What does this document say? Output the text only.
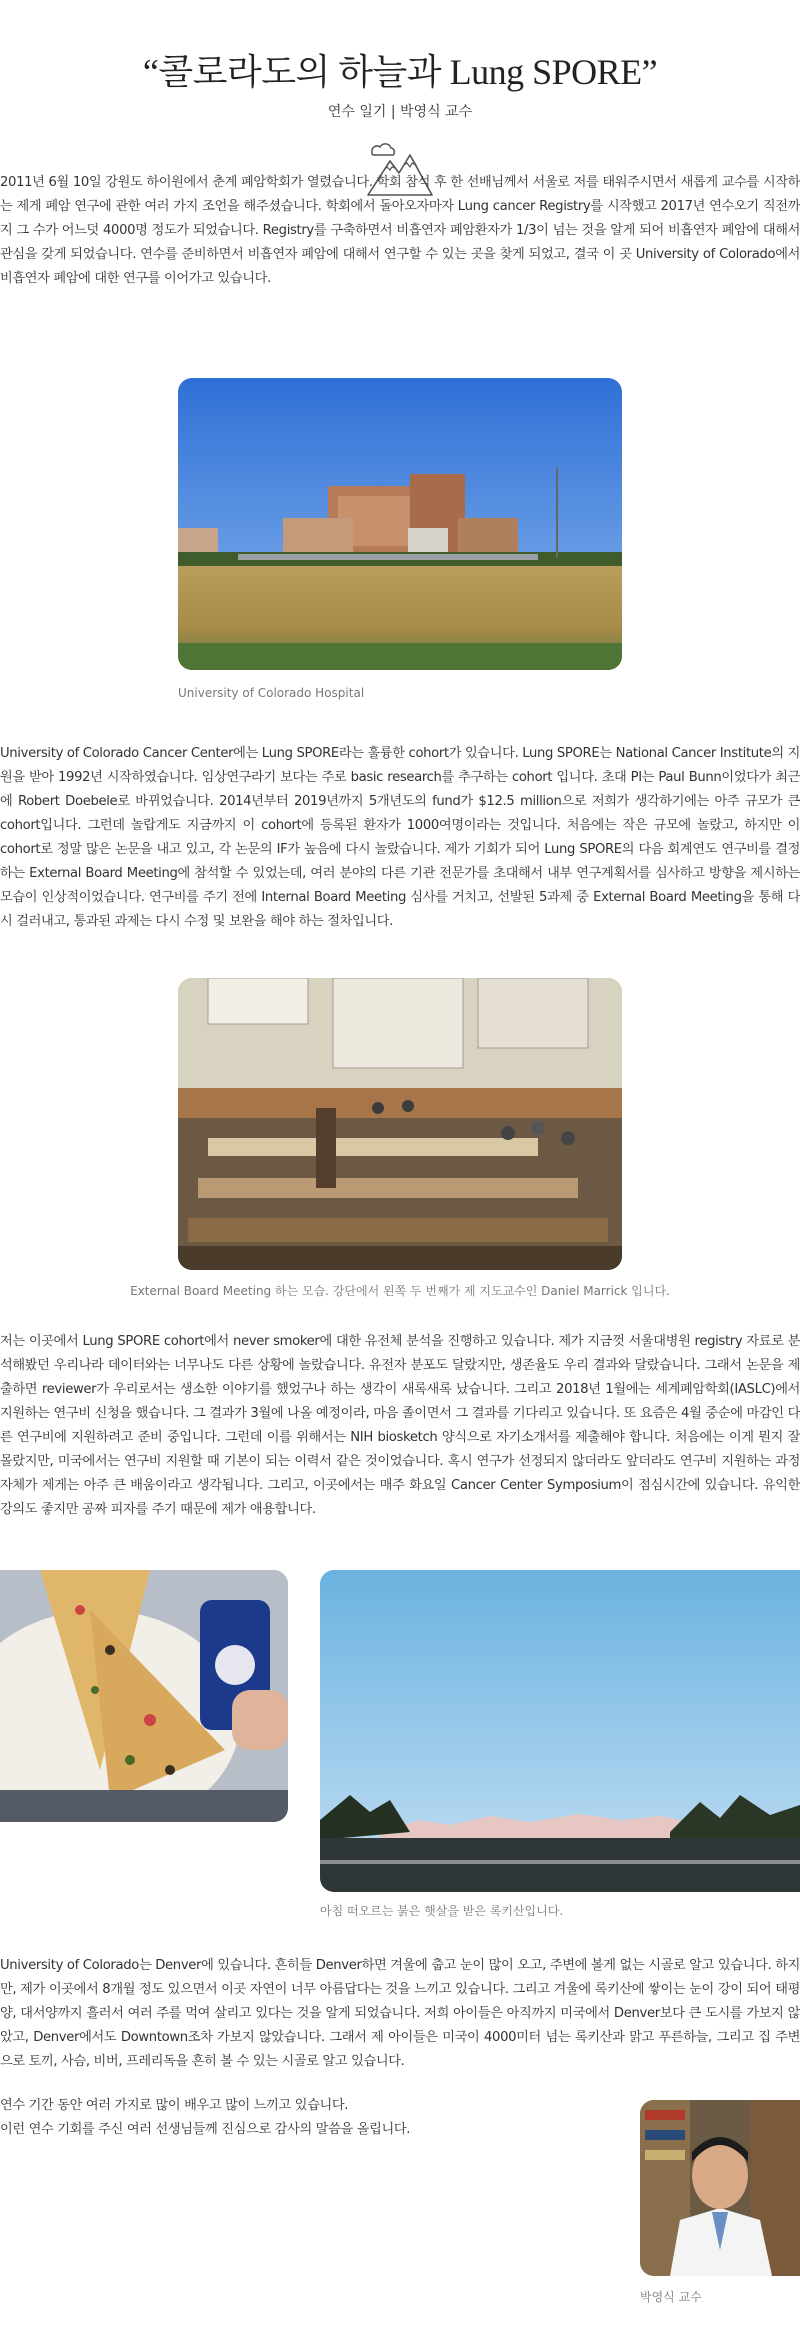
“콜로라도의 하늘과 Lung SPORE”
연수 일기 | 박영식 교수

2011년 6월 10일 강원도 하이원에서 춘계 폐암학회가 열렸습니다. 학회 참석 후 한 선배님께서 서울로 저를 태워주시면서 새롭게 교수를 시작하는 제게 폐암 연구에 관한 여러 가지 조언을 해주셨습니다. 학회에서 돌아오자마자 Lung cancer Registry를 시작했고 2017년 연수오기 직전까지 그 수가 어느덧 4000명 정도가 되었습니다. Registry를 구축하면서 비흡연자 폐암환자가 1/3이 넘는 것을 알게 되어 비흡연자 폐암에 대해서 관심을 갖게 되었습니다. 연수를 준비하면서 비흡연자 폐암에 대해서 연구할 수 있는 곳을 찾게 되었고, 결국 이 곳 University of Colorado에서 비흡연자 폐암에 대한 연구를 이어가고 있습니다.

University of Colorado Hospital

University of Colorado Cancer Center에는 Lung SPORE라는 훌륭한 cohort가 있습니다. Lung SPORE는 National Cancer Institute의 지원을 받아 1992년 시작하였습니다. 임상연구라기 보다는 주로 basic research를 추구하는 cohort 입니다. 초대 PI는 Paul Bunn이었다가 최근에 Robert Doebele로 바뀌었습니다. 2014년부터 2019년까지 5개년도의 fund가 $12.5 million으로 저희가 생각하기에는 아주 규모가 큰 cohort입니다. 그런데 놀랍게도 지금까지 이 cohort에 등록된 환자가 1000여명이라는 것입니다. 처음에는 작은 규모에 놀랐고, 하지만 이 cohort로 정말 많은 논문을 내고 있고, 각 논문의 IF가 높음에 다시 놀랐습니다. 제가 기회가 되어 Lung SPORE의 다음 회계연도 연구비를 결정하는 External Board Meeting에 참석할 수 있었는데, 여러 분야의 다른 기관 전문가를 초대해서 내부 연구계획서를 심사하고 방향을 제시하는 모습이 인상적이었습니다. 연구비를 주기 전에 Internal Board Meeting 심사를 거치고, 선발된 5과제 중 External Board Meeting을 통해 다시 걸러내고, 통과된 과제는 다시 수정 및 보완을 해야 하는 절차입니다.

External Board Meeting 하는 모습. 강단에서 왼쪽 두 번째가 제 지도교수인 Daniel Marrick 입니다.

저는 이곳에서 Lung SPORE cohort에서 never smoker에 대한 유전체 분석을 진행하고 있습니다. 제가 지금껏 서울대병원 registry 자료로 분석해봤던 우리나라 데이터와는 너무나도 다른 상황에 놀랐습니다. 유전자 분포도 달랐지만, 생존율도 우리 결과와 달랐습니다. 그래서 논문을 제출하면 reviewer가 우리로서는 생소한 이야기를 했었구나 하는 생각이 새록새록 났습니다. 그리고 2018년 1월에는 세계폐암학회(IASLC)에서 지원하는 연구비 신청을 했습니다. 그 결과가 3월에 나올 예정이라, 마음 졸이면서 그 결과를 기다리고 있습니다. 또 요즘은 4월 중순에 마감인 다른 연구비에 지원하려고 준비 중입니다. 그런데 이를 위해서는 NIH biosketch 양식으로 자기소개서를 제출해야 합니다. 처음에는 이게 뭔지 잘 몰랐지만, 미국에서는 연구비 지원할 때 기본이 되는 이력서 같은 것이었습니다. 혹시 연구가 선정되지 않더라도 앞더라도 연구비 지원하는 과정 자체가 제게는 아주 큰 배움이라고 생각됩니다. 그리고, 이곳에서는 매주 화요일 Cancer Center Symposium이 점심시간에 있습니다. 유익한 강의도 좋지만 공짜 피자를 주기 때문에 제가 애용합니다.

아침 떠오르는 붉은 햇살을 받은 록키산입니다.

University of Colorado는 Denver에 있습니다. 흔히들 Denver하면 겨울에 춥고 눈이 많이 오고, 주변에 볼게 없는 시골로 알고 있습니다. 하지만, 제가 이곳에서 8개월 정도 있으면서 이곳 자연이 너무 아름답다는 것을 느끼고 있습니다. 그리고 겨울에 록키산에 쌓이는 눈이 강이 되어 태평양, 대서양까지 흘러서 여러 주를 먹여 살리고 있다는 것을 알게 되었습니다. 저희 아이들은 아직까지 미국에서 Denver보다 큰 도시를 가보지 않았고, Denver에서도 Downtown조차 가보지 않았습니다. 그래서 제 아이들은 미국이 4000미터 넘는 록키산과 맑고 푸른하늘, 그리고 집 주변으로 토끼, 사슴, 비버, 프레리독을 흔히 볼 수 있는 시골로 알고 있습니다.

연수 기간 동안 여러 가지로 많이 배우고 많이 느끼고 있습니다.
이런 연수 기회를 주신 여러 선생님들께 진심으로 감사의 말씀을 올립니다.

박영식 교수
